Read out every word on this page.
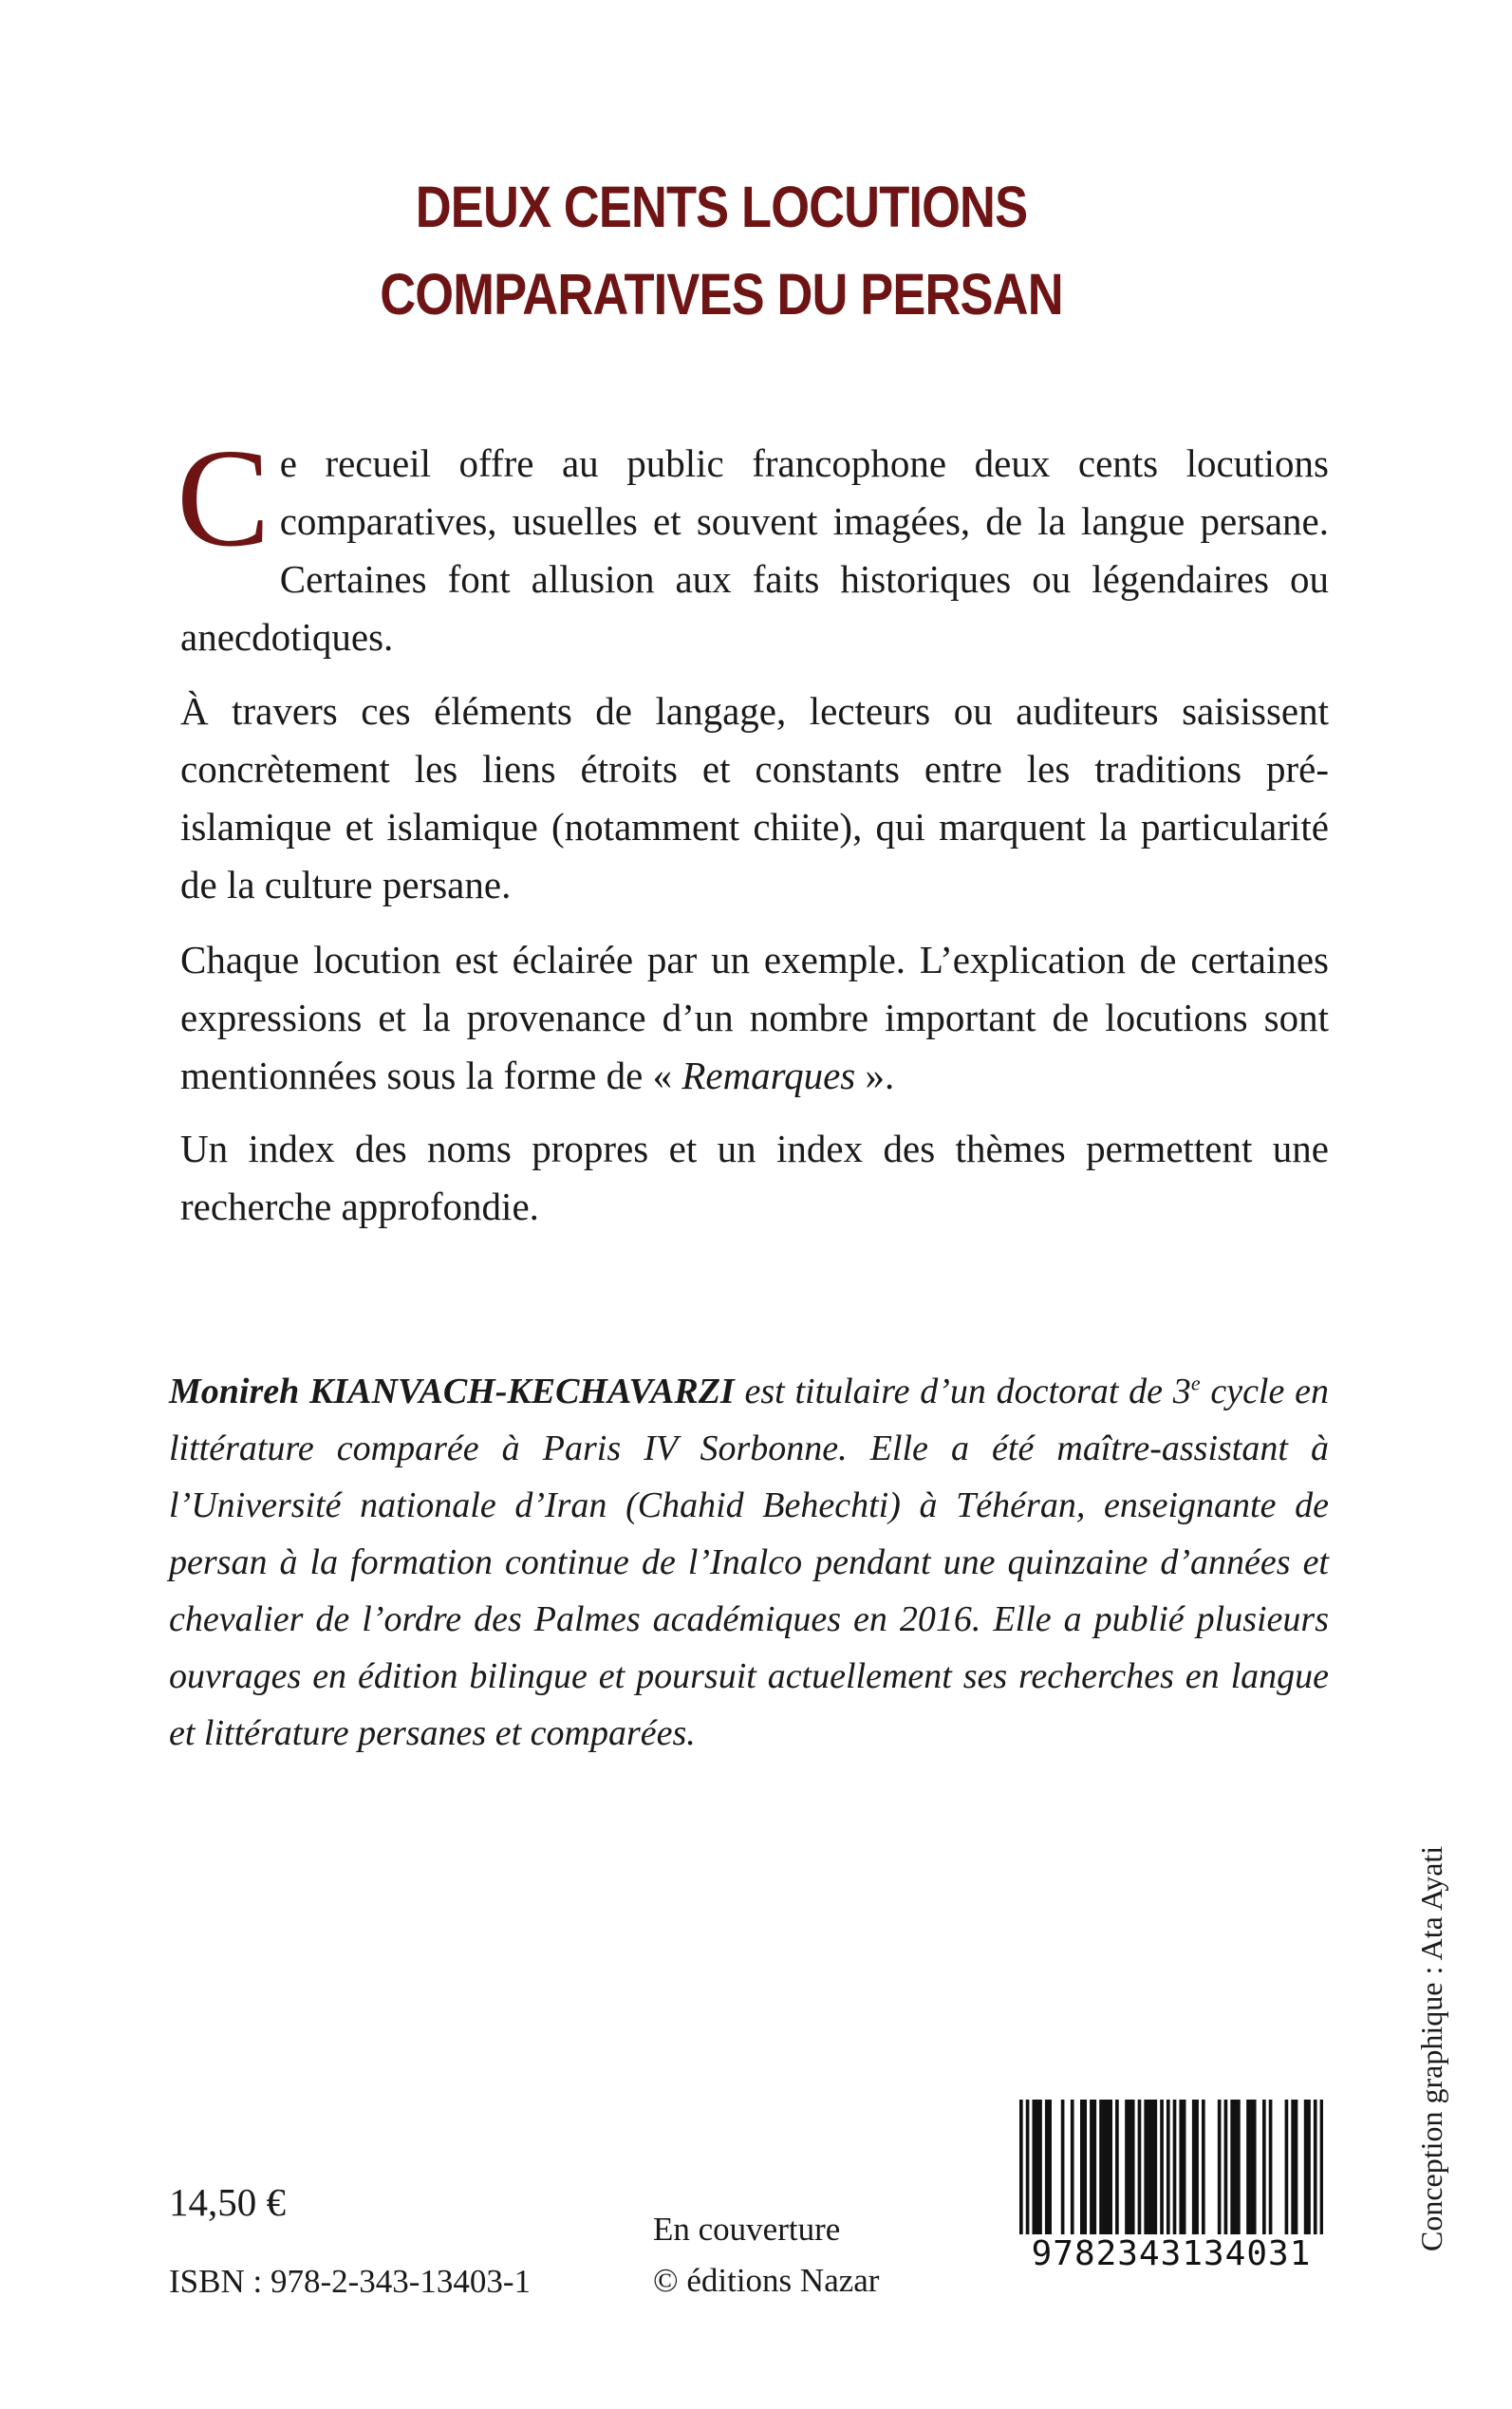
DEUX CENTS LOCUTIONS
COMPARATIVES DU PERSAN
Ce recueil offre au public francophone deux cents locutions comparatives, usuelles et souvent imagées, de la langue persane. Certaines font allusion aux faits historiques ou légendaires ou anecdotiques.

À travers ces éléments de langage, lecteurs ou auditeurs saisissent concrètement les liens étroits et constants entre les traditions pré-islamique et islamique (notamment chiite), qui marquent la particularité de la culture persane.

Chaque locution est éclairée par un exemple. L’explication de certaines expressions et la provenance d’un nombre important de locutions sont mentionnées sous la forme de « Remarques ».

Un index des noms propres et un index des thèmes permettent une recherche approfondie.

Monireh KIANVACH-KECHAVARZI est titulaire d’un doctorat de 3e cycle en littérature comparée à Paris IV Sorbonne. Elle a été maître-assistant à l’Université nationale d’Iran (Chahid Behechti) à Téhéran, enseignante de persan à la formation continue de l’Inalco pendant une quinzaine d’années et chevalier de l’ordre des Palmes académiques en 2016. Elle a publié plusieurs ouvrages en édition bilingue et poursuit actuellement ses recherches en langue et littérature persanes et comparées.
Conception graphique : Ata Ayati
14,50 €
ISBN : 978-2-343-13403-1
En couverture
© éditions Nazar
9782343134031
